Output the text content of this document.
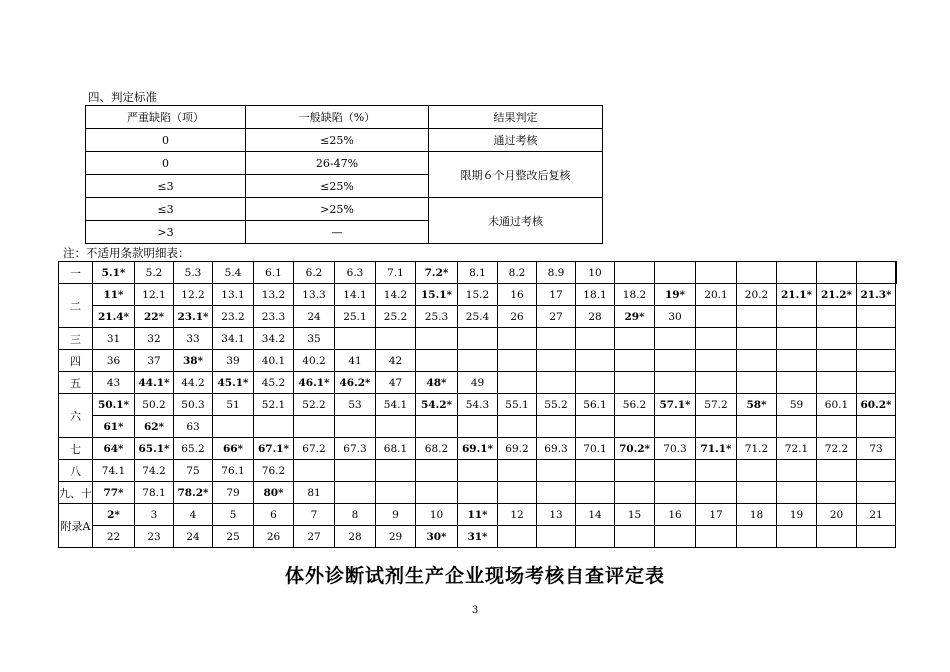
四、判定标准
严重缺陷（项）	一般缺陷（%）	结果判定
0	≤25%	通过考核
0	26-47%	限期６个月整改后复核
≤3	≤25%	
≤3	>25%	未通过考核
>3	—	
注：不适用条款明细表：
一	5.1*	5.2	5.3	5.4	6.1	6.2	6.3	7.1	7.2*	8.1	8.2	8.9	10								
二	11*	12.1	12.2	13.1	13.2	13.3	14.1	14.2	15.1*	15.2	16	17	18.1	18.2	19*	20.1	20.2	21.1*	21.2*	21.3*	
	21.4*	22*	23.1*	23.2	23.3	24	25.1	25.2	25.3	25.4	26	27	28	29*	30						
三	31	32	33	34.1	34.2	35															
四	36	37	38*	39	40.1	40.2	41	42													
五	43	44.1*	44.2	45.1*	45.2	46.1*	46.2*	47	48*	49											
六	50.1*	50.2	50.3	51	52.1	52.2	53	54.1	54.2*	54.3	55.1	55.2	56.1	56.2	57.1*	57.2	58*	59	60.1	60.2*	
	61*	62*	63																		
七	64*	65.1*	65.2	66*	67.1*	67.2	67.3	68.1	68.2	69.1*	69.2	69.3	70.1	70.2*	70.3	71.1*	71.2	72.1	72.2	73	
八	74.1	74.2	75	76.1	76.2																
九、十	77*	78.1	78.2*	79	80*	81															
附录A	2*	3	4	5	6	7	8	9	10	11*	12	13	14	15	16	17	18	19	20	21	
	22	23	24	25	26	27	28	29	30*	31*											
体外诊断试剂生产企业现场考核自查评定表
3
